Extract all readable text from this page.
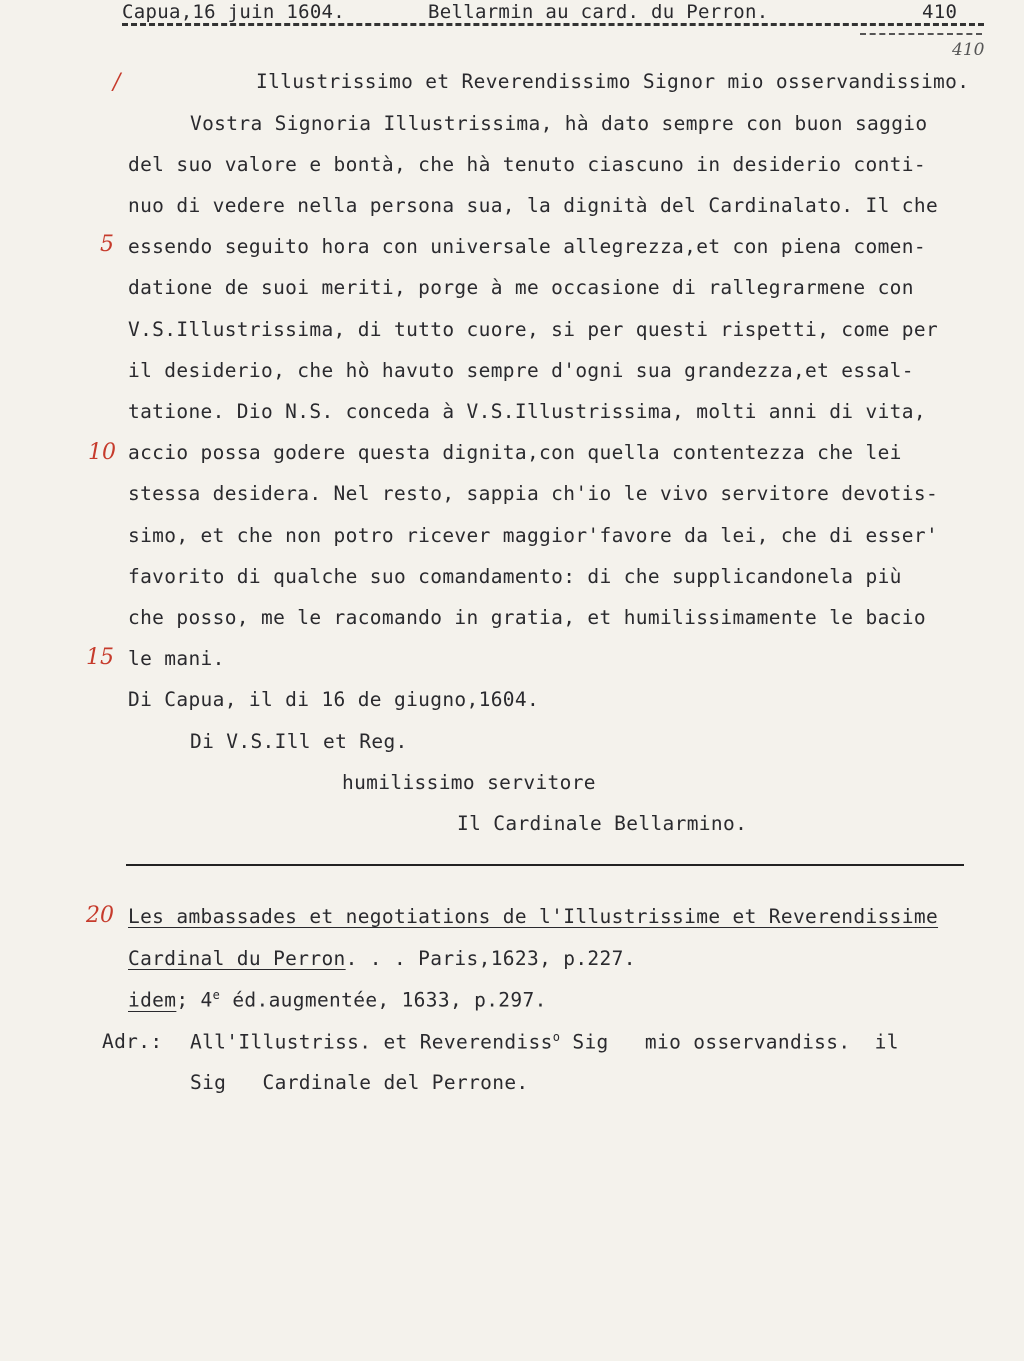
Capua,16 juin 1604.	Bellarmin au card. du Perron.	410
410
/
5
10
15
20
Illustrissimo et Reverendissimo Signor mio osservandissimo.
Vostra Signoria Illustrissima, hà dato sempre con buon saggio
del suo valore e bontà, che hà tenuto ciascuno in desiderio conti-
nuo di vedere nella persona sua, la dignità del Cardinalato. Il che
essendo seguito hora con universale allegrezza,et con piena comen-
datione de suoi meriti, porge à me occasione di rallegrarmene con
V.S.Illustrissima, di tutto cuore, si per questi rispetti, come per
il desiderio, che hò havuto sempre d'ogni sua grandezza,et essal-
tatione. Dio N.S. conceda à V.S.Illustrissima, molti anni di vita,
accio possa godere questa dignita,con quella contentezza che lei
stessa desidera. Nel resto, sappia ch'io le vivo servitore devotis-
simo, et che non potro ricever maggior'favore da lei, che di esser'
favorito di qualche suo comandamento: di che supplicandonela più
che posso, me le racomando in gratia, et humilissimamente le bacio
le mani.
Di Capua, il di 16 de giugno,1604.
Di V.S.Ill et Reg.
humilissimo servitore
Il Cardinale Bellarmino.
Les ambassades et negotiations de l'Illustrissime et Reverendissime
Cardinal du Perron. . . Paris,1623, p.227.
idem; 4e éd.augmentée, 1633, p.297.
Adr.: All'Illustriss. et Reverendiss$^o$ Sig   mio osservandiss.  il
Sig   Cardinale del Perrone.
